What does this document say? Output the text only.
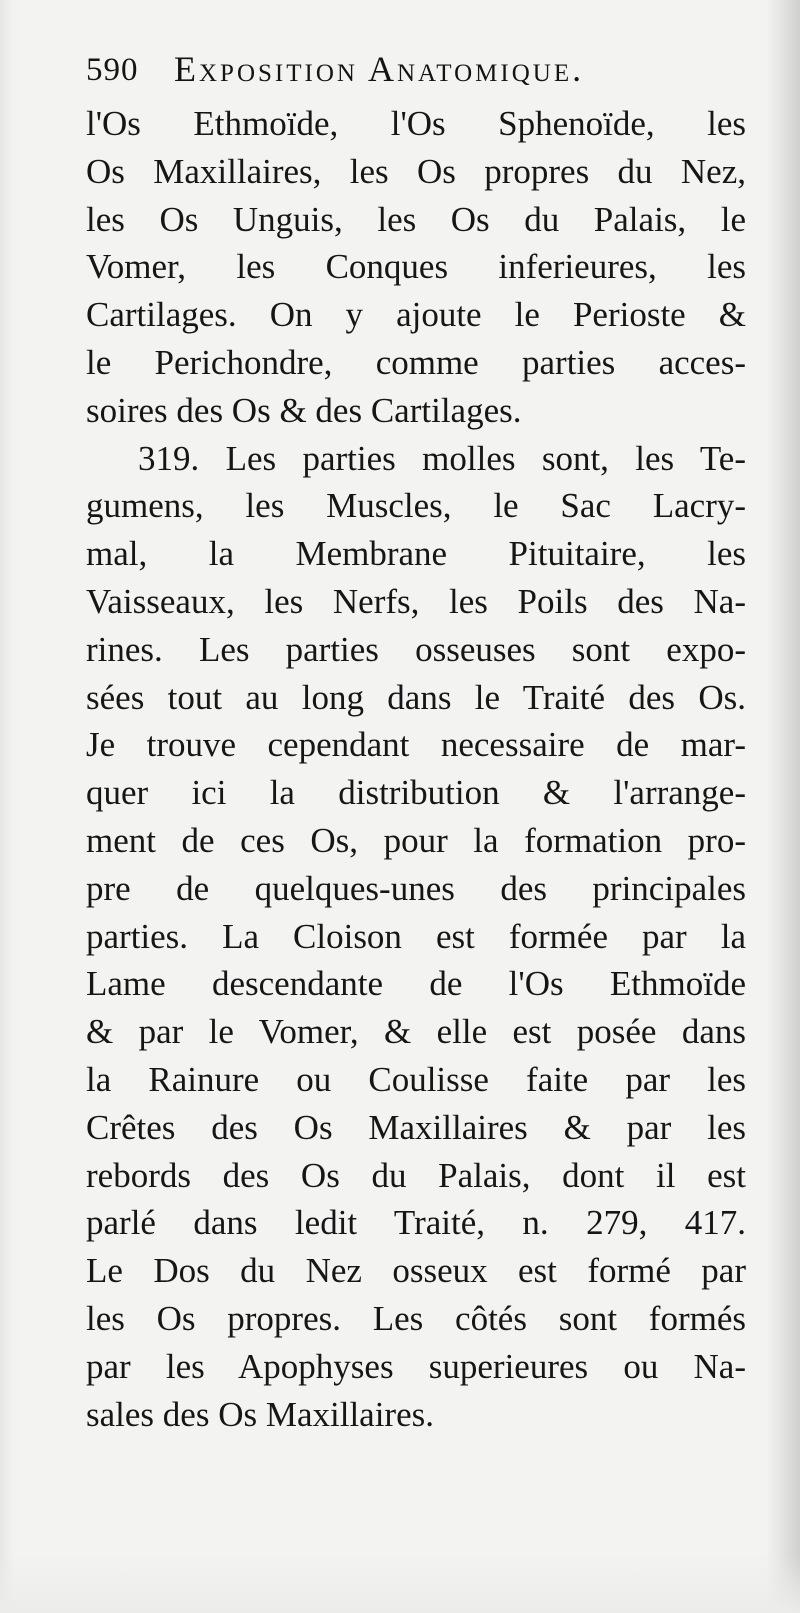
590 Exposition Anatomique.
l'Os Ethmoïde, l'Os Sphenoïde, les
Os Maxillaires, les Os propres du Nez,
les Os Unguis, les Os du Palais, le
Vomer, les Conques inferieures, les
Cartilages. On y ajoute le Perioste &
le Perichondre, comme parties acces-
soires des Os & des Cartilages.
319. Les parties molles sont, les Te-
gumens, les Muscles, le Sac Lacry-
mal, la Membrane Pituitaire, les
Vaisseaux, les Nerfs, les Poils des Na-
rines. Les parties osseuses sont expo-
sées tout au long dans le Traité des Os.
Je trouve cependant necessaire de mar-
quer ici la distribution & l'arrange-
ment de ces Os, pour la formation pro-
pre de quelques-unes des principales
parties. La Cloison est formée par la
Lame descendante de l'Os Ethmoïde
& par le Vomer, & elle est posée dans
la Rainure ou Coulisse faite par les
Crêtes des Os Maxillaires & par les
rebords des Os du Palais, dont il est
parlé dans ledit Traité, n. 279, 417.
Le Dos du Nez osseux est formé par
les Os propres. Les côtés sont formés
par les Apophyses superieures ou Na-
sales des Os Maxillaires.
